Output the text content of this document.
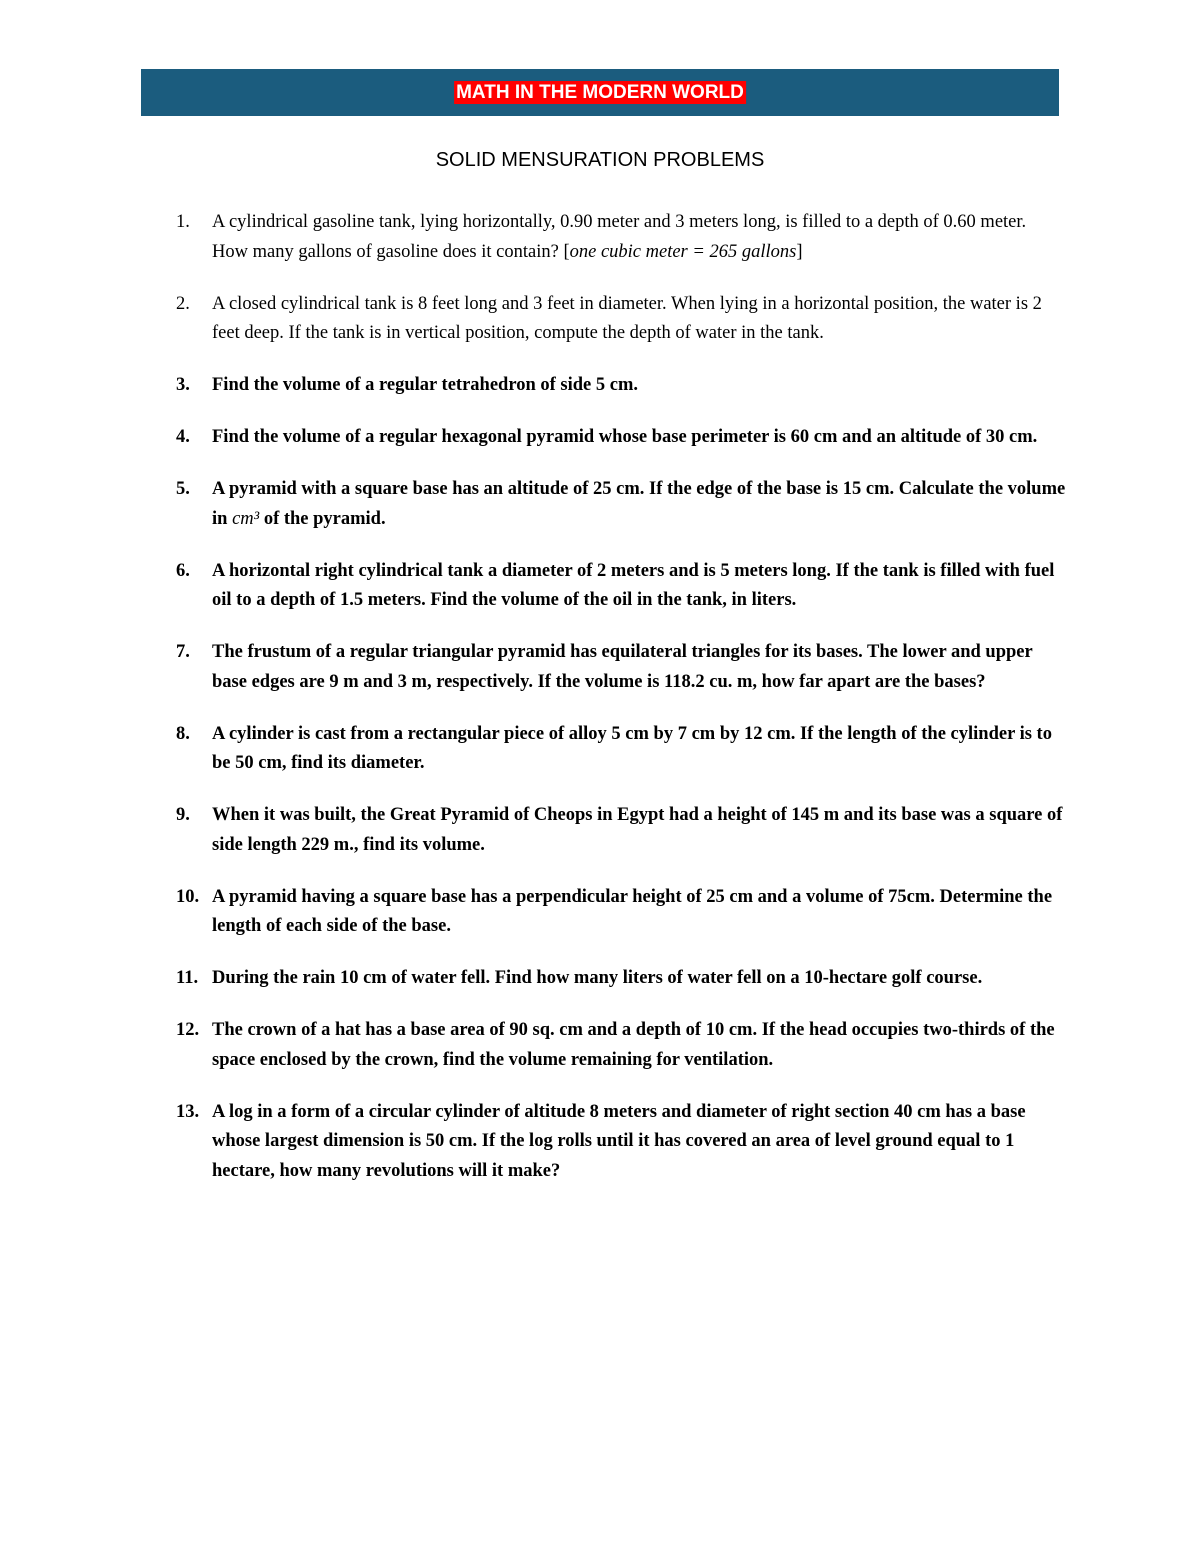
MATH IN THE MODERN WORLD
SOLID MENSURATION PROBLEMS
1.	A cylindrical gasoline tank, lying horizontally, 0.90 meter and 3 meters long, is filled to a depth of 0.60 meter. How many gallons of gasoline does it contain? [one cubic meter = 265 gallons]
2.	A closed cylindrical tank is 8 feet long and 3 feet in diameter. When lying in a horizontal position, the water is 2 feet deep. If the tank is in vertical position, compute the depth of water in the tank.
3.	Find the volume of a regular tetrahedron of side 5 cm.
4.	Find the volume of a regular hexagonal pyramid whose base perimeter is 60 cm and an altitude of 30 cm.
5.	A pyramid with a square base has an altitude of 25 cm. If the edge of the base is 15 cm. Calculate the volume in cm³ of the pyramid.
6.	A horizontal right cylindrical tank a diameter of 2 meters and is 5 meters long. If the tank is filled with fuel oil to a depth of 1.5 meters. Find the volume of the oil in the tank, in liters.
7.	The frustum of a regular triangular pyramid has equilateral triangles for its bases. The lower and upper base edges are 9 m and 3 m, respectively. If the volume is 118.2 cu. m, how far apart are the bases?
8.	A cylinder is cast from a rectangular piece of alloy 5 cm by 7 cm by 12 cm. If the length of the cylinder is to be 50 cm, find its diameter.
9.	When it was built, the Great Pyramid of Cheops in Egypt had a height of 145 m and its base was a square of side length 229 m., find its volume.
10. A pyramid having a square base has a perpendicular height of 25 cm and a volume of 75cm. Determine the length of each side of the base.
11. During the rain 10 cm of water fell. Find how many liters of water fell on a 10-hectare golf course.
12. The crown of a hat has a base area of 90 sq. cm and a depth of 10 cm. If the head occupies two-thirds of the space enclosed by the crown, find the volume remaining for ventilation.
13. A log in a form of a circular cylinder of altitude 8 meters and diameter of right section 40 cm has a base whose largest dimension is 50 cm. If the log rolls until it has covered an area of level ground equal to 1 hectare, how many revolutions will it make?
